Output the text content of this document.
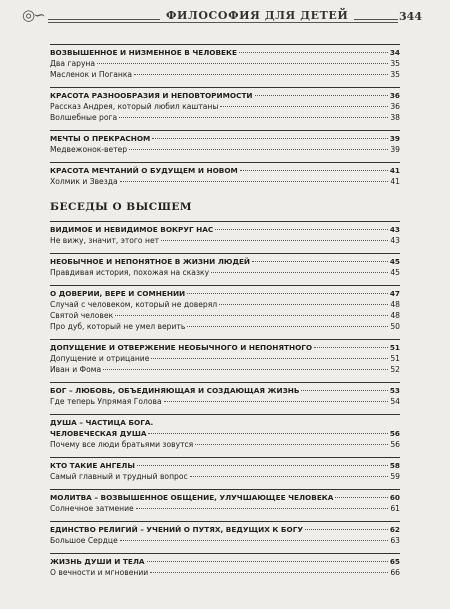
◎∽	ФИЛОСОФИЯ ДЛЯ ДЕТЕЙ	344
ВОЗВЫШЕННОЕ И НИЗМЕННОЕ В ЧЕЛОВЕКЕ	34
Два гаруна	35
Масленок и Поганка	35
КРАСОТА РАЗНООБРАЗИЯ И НЕПОВТОРИМОСТИ	36
Рассказ Андрея, который любил каштаны	36
Волшебные рога	38
МЕЧТЫ О ПРЕКРАСНОМ	39
Медвежонок-ветер	39
КРАСОТА МЕЧТАНИЙ О БУДУЩЕМ И НОВОМ	41
Холмик и Звезда	41
БЕСЕДЫ О ВЫСШЕМ
ВИДИМОЕ И НЕВИДИМОЕ ВОКРУГ НАС	43
Не вижу, значит, этого нет	43
НЕОБЫЧНОЕ И НЕПОНЯТНОЕ В ЖИЗНИ ЛЮДЕЙ	45
Правдивая история, похожая на сказку	45
О ДОВЕРИИ, ВЕРЕ И СОМНЕНИИ	47
Случай с человеком, который не доверял	48
Святой человек	48
Про дуб, который не умел верить	50
ДОПУЩЕНИЕ И ОТВЕРЖЕНИЕ НЕОБЫЧНОГО И НЕПОНЯТНОГО	51
Допущение и отрицание	51
Иван и Фома	52
БОГ – ЛЮБОВЬ, ОБЪЕДИНЯЮЩАЯ И СОЗДАЮЩАЯ ЖИЗНЬ	53
Где теперь Упрямая Голова	54
ДУША – ЧАСТИЦА БОГА.
ЧЕЛОВЕЧЕСКАЯ ДУША	56
Почему все люди братьями зовутся	56
КТО ТАКИЕ АНГЕЛЫ	58
Самый главный и трудный вопрос	59
МОЛИТВА – ВОЗВЫШЕННОЕ ОБЩЕНИЕ, УЛУЧШАЮЩЕЕ ЧЕЛОВЕКА	60
Солнечное затмение	61
ЕДИНСТВО РЕЛИГИЙ – УЧЕНИЙ О ПУТЯХ, ВЕДУЩИХ К БОГУ	62
Большое Сердце	63
ЖИЗНЬ ДУШИ И ТЕЛА	65
О вечности и мгновении	66
